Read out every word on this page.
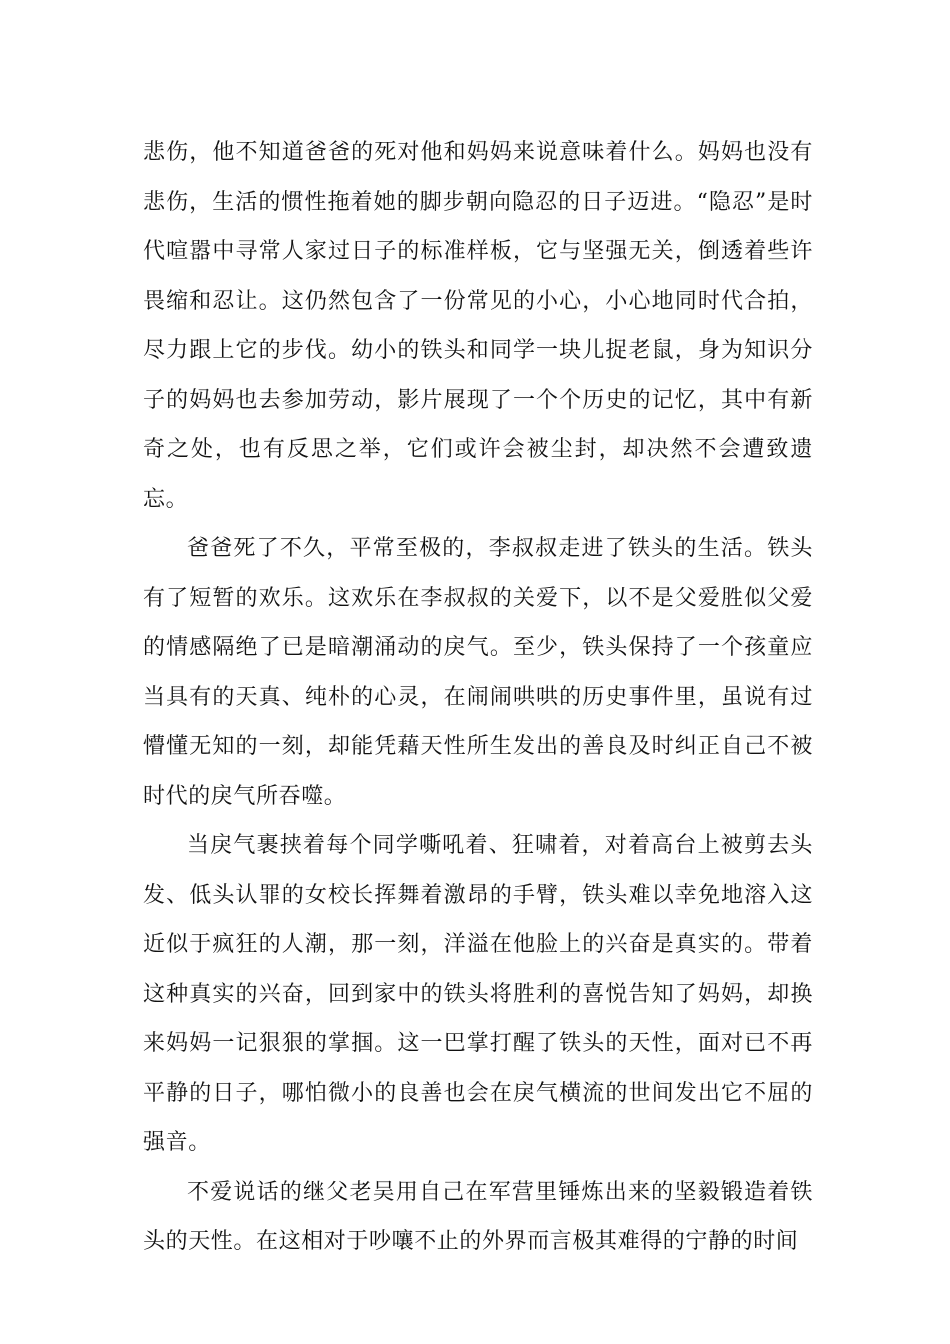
悲伤，他不知道爸爸的死对他和妈妈来说意味着什么。妈妈也没有悲伤，生活的惯性拖着她的脚步朝向隐忍的日子迈进。“隐忍”是时代喧嚣中寻常人家过日子的标准样板，它与坚强无关，倒透着些许畏缩和忍让。这仍然包含了一份常见的小心，小心地同时代合拍，尽力跟上它的步伐。幼小的铁头和同学一块儿捉老鼠，身为知识分子的妈妈也去参加劳动，影片展现了一个个历史的记忆，其中有新奇之处，也有反思之举，它们或许会被尘封，却决然不会遭致遗忘。

爸爸死了不久，平常至极的，李叔叔走进了铁头的生活。铁头有了短暂的欢乐。这欢乐在李叔叔的关爱下，以不是父爱胜似父爱的情感隔绝了已是暗潮涌动的戾气。至少，铁头保持了一个孩童应当具有的天真、纯朴的心灵，在闹闹哄哄的历史事件里，虽说有过懵懂无知的一刻，却能凭藉天性所生发出的善良及时纠正自己不被时代的戾气所吞噬。

当戾气裹挟着每个同学嘶吼着、狂啸着，对着高台上被剪去头发、低头认罪的女校长挥舞着激昂的手臂，铁头难以幸免地溶入这近似于疯狂的人潮，那一刻，洋溢在他脸上的兴奋是真实的。带着这种真实的兴奋，回到家中的铁头将胜利的喜悦告知了妈妈，却换来妈妈一记狠狠的掌掴。这一巴掌打醒了铁头的天性，面对已不再平静的日子，哪怕微小的良善也会在戾气横流的世间发出它不屈的强音。

不爱说话的继父老吴用自己在军营里锤炼出来的坚毅锻造着铁头的天性。在这相对于吵嚷不止的外界而言极其难得的宁静的时间
